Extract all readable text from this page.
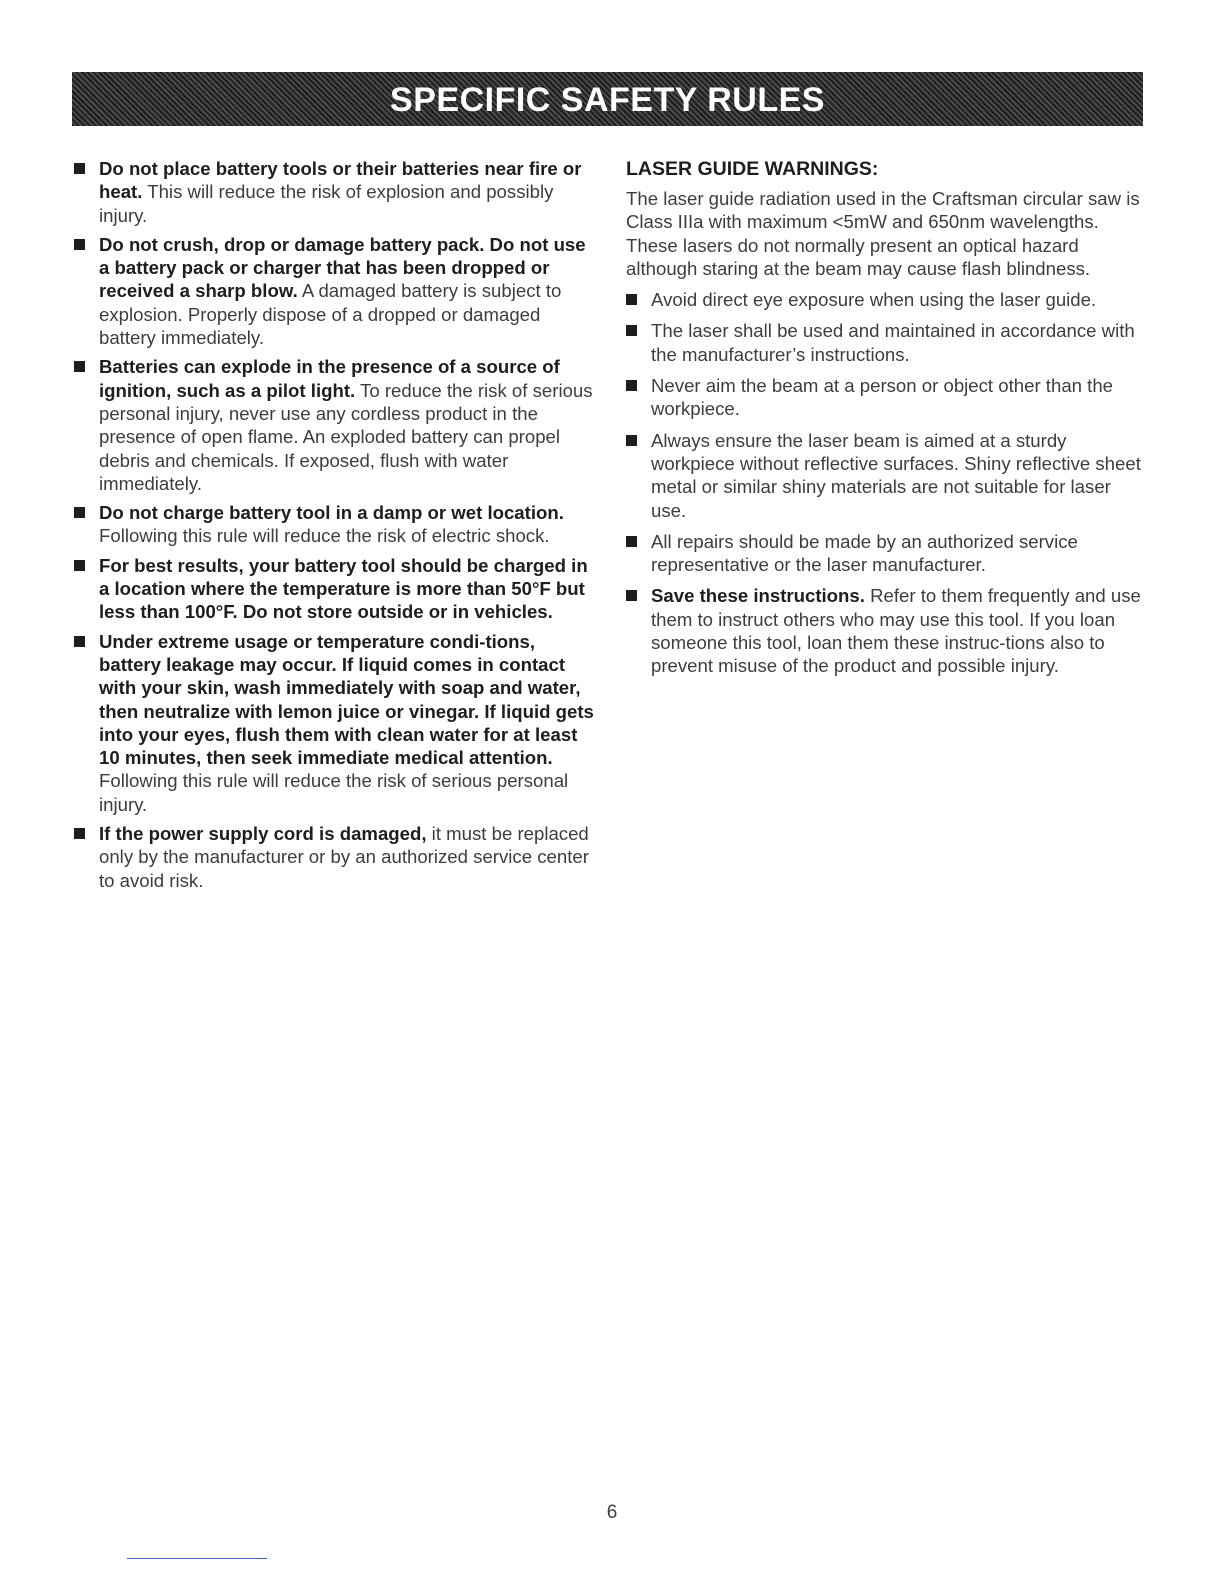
SPECIFIC SAFETY RULES
Do not place battery tools or their batteries near fire or heat. This will reduce the risk of explosion and possibly injury.
Do not crush, drop or damage battery pack. Do not use a battery pack or charger that has been dropped or received a sharp blow. A damaged battery is subject to explosion. Properly dispose of a dropped or damaged battery immediately.
Batteries can explode in the presence of a source of ignition, such as a pilot light. To reduce the risk of serious personal injury, never use any cordless product in the presence of open flame. An exploded battery can propel debris and chemicals. If exposed, flush with water immediately.
Do not charge battery tool in a damp or wet location. Following this rule will reduce the risk of electric shock.
For best results, your battery tool should be charged in a location where the temperature is more than 50°F but less than 100°F. Do not store outside or in vehicles.
Under extreme usage or temperature condi-tions, battery leakage may occur. If liquid comes in contact with your skin, wash immediately with soap and water, then neutralize with lemon juice or vinegar. If liquid gets into your eyes, flush them with clean water for at least 10 minutes, then seek immediate medical attention. Following this rule will reduce the risk of serious personal injury.
If the power supply cord is damaged, it must be replaced only by the manufacturer or by an authorized service center to avoid risk.
LASER GUIDE WARNINGS:

The laser guide radiation used in the Craftsman circular saw is Class IIIa with maximum <5mW and 650nm wavelengths. These lasers do not normally present an optical hazard although staring at the beam may cause flash blindness.

Avoid direct eye exposure when using the laser guide.
The laser shall be used and maintained in accordance with the manufacturer’s instructions.
Never aim the beam at a person or object other than the workpiece.
Always ensure the laser beam is aimed at a sturdy workpiece without reflective surfaces. Shiny reflective sheet metal or similar shiny materials are not suitable for laser use.
All repairs should be made by an authorized service representative or the laser manufacturer.
Save these instructions. Refer to them frequently and use them to instruct others who may use this tool. If you loan someone this tool, loan them these instruc-tions also to prevent misuse of the product and possible injury.
6
